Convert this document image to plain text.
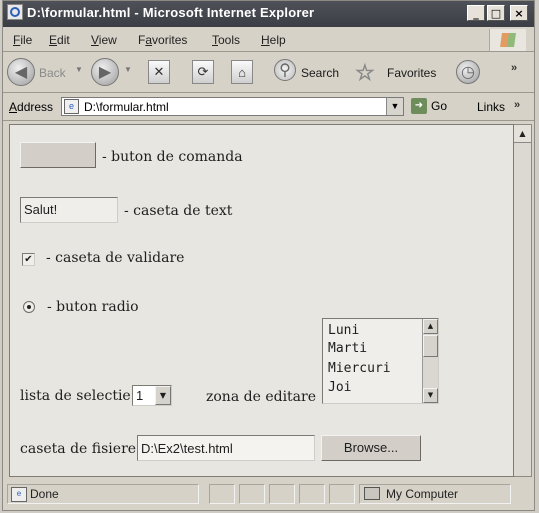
D:\formular.html - Microsoft Internet Explorer	_	□	×
File Edit View Favorites Tools Help
◀ Back ▼ ▶	▼	✕	⟳	⌂	⚲ Search ☆ Favorites	◷	»
Address	e D:\formular.html	▼	➜ Go Links »
- buton de comanda
Salut!	- caseta de text
✔ - caseta de validare
- buton radio
lista de selectie 1	▼	zona de editare
Luni
Marti
Miercuri
Joi
▲
▼
caseta de fisiere D:\Ex2\test.html	Browse...
▲
e Done	My Computer
